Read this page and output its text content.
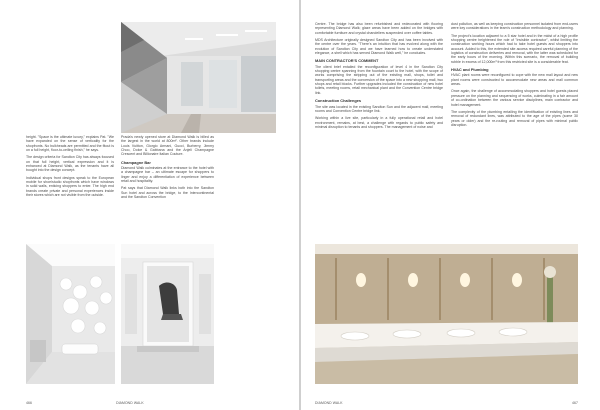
height. "Space is the ultimate luxury," explains Pat. "We have expanded on the sense of verticality for the shopfronts. No bulkheads are permitted and the fitout is on a full height, floor-to-ceiling finish," he says.

The design criteria for Sandton City has always focused on that full height, vertical expression and it is enhanced at Diamond Walk, as the tenants have all bought into the design concept.

Individual shops front designs speak to the European mobile for shoe/studio shopfronts which have windows in solid walls, enticing shoppers to enter. The high end brands create private and personal experiences inside their stores which are not visible from the outside.

Prada's newly opened store at Diamond Walk is billed as the largest in the world at 800m². Other brands include Louis Vuitton, Giorgio Armani, Gucci, Burberry, Jimmy Choo, Dolce & Gabbana and the Anjeli Champagne Crescent and Billionaire Italian Couture.

Champagne Bar

Diamond Walk culminates at the entrance to the hotel with a champagne bar – an ultimate escape for shoppers to linger and enjoy a differentiation of experience between retail and hospitality.

Pat says that Diamond Walk links both into the Sandton Sun hotel and across the bridge, to the Intercontinental and the Sandton Convention

466	DIAMOND WALK

Centre. The bridge has also been refurbished and redecorated with flooring representing Diamond Walk; glaze areas have been added on the bridges with comfortable furniture and crystal chandeliers suspended over coffee tables.

MDS Architecture originally designed Sandton City and has been involved with the centre over the years. "There's an intuition that has evolved along with the evolution of Sandton City and we have learned how to create understated elegance, a shell which has served Diamond Walk well," he concludes.

MAIN CONTRACTOR'S COMMENT

The client brief entailed the reconfiguration of level 4 in the Sandton City shopping centre spanning from the fountain court to the hotel, with the scope of works comprising the stripping out of the existing mall, shops, toilet and transporting areas and the conversion of the space into a new shopping mall, two shops and retail blocks. Further upgrades included the construction of new hotel toilets, meeting rooms, retail mechanical plant and the Convention Centre bridge link.

Construction Challenges

The site was located in the existing Sandton Sun and the adjacent mall, meeting rooms and Convention Centre bridge link.

Working within a live site, particularly in a fully operational retail and hotel environment, remains, at best, a challenge with regards to public safety and minimal disruption to tenants and shoppers. The management of noise and

dust pollution, as well as keeping construction personnel isolated from end-users were key considerations in the team's construction methodology and planning.

The project's location adjacent to a 5 star hotel and in the midst of a high profile shopping centre heightened the role of "invisible contractor", whilst limiting the construction working hours which had to take hotel guests and shoppers into account. Added to this, the extended site access required careful planning of the logistics of construction deliveries and removal, with the latter was scheduled for the early hours of the morning. Within this scenario, the removal of building rubble in excess of 12,000m³ from this restricted site is a considerable feat.

HVAC and Plumbing

HVAC plant rooms were reconfigured to cope with the new mall layout and new plant rooms were constructed to accommodate new areas and mall common areas.

Once again, the challenge of accommodating shoppers and hotel guests placed pressure on the planning and sequencing of works, culminating in a fair amount of co-ordination between the various service disciplines, main contractor and hotel management.

The complexity of the plumbing entailing the identification of existing lines and removal of redundant lines, was attributed to the age of the pipes (some 30 years or older) and the re-routing and removal of pipes with minimal public disruption.

DIAMOND WALK	467
